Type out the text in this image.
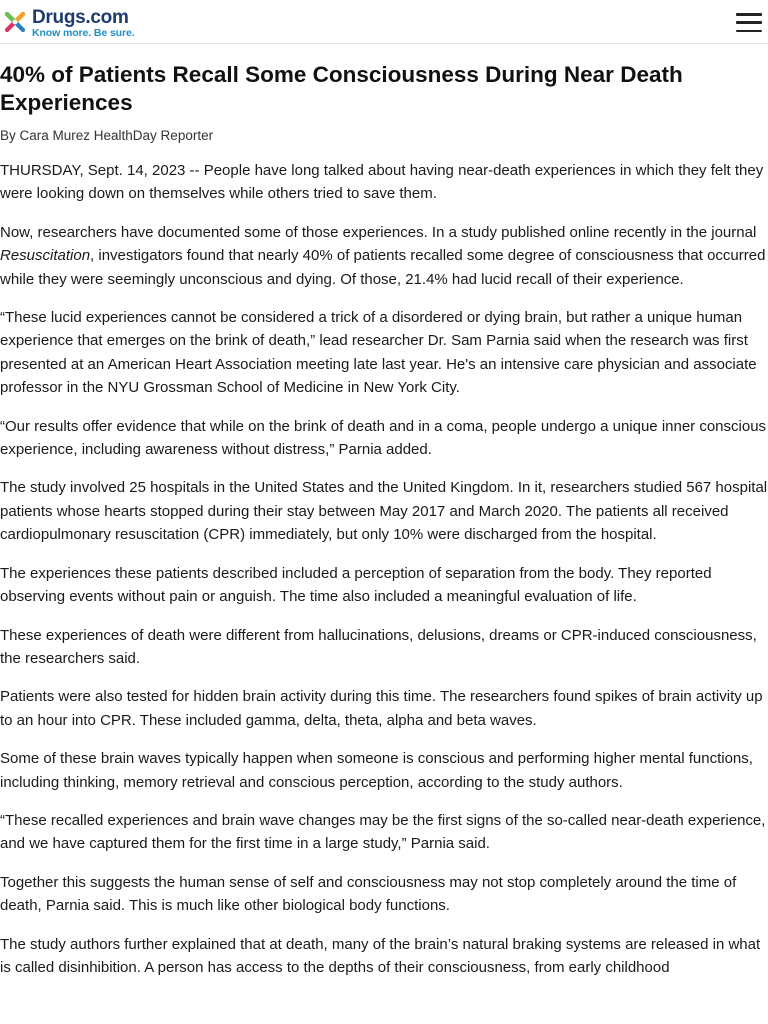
Drugs.com
Know more. Be sure.
40% of Patients Recall Some Consciousness During Near Death Experiences

By Cara Murez HealthDay Reporter

THURSDAY, Sept. 14, 2023 -- People have long talked about having near-death experiences in which they felt they were looking down on themselves while others tried to save them.

Now, researchers have documented some of those experiences. In a study published online recently in the journal Resuscitation, investigators found that nearly 40% of patients recalled some degree of consciousness that occurred while they were seemingly unconscious and dying. Of those, 21.4% had lucid recall of their experience.

“These lucid experiences cannot be considered a trick of a disordered or dying brain, but rather a unique human experience that emerges on the brink of death,” lead researcher Dr. Sam Parnia said when the research was first presented at an American Heart Association meeting late last year. He's an intensive care physician and associate professor in the NYU Grossman School of Medicine in New York City.

“Our results offer evidence that while on the brink of death and in a coma, people undergo a unique inner conscious experience, including awareness without distress,” Parnia added.

The study involved 25 hospitals in the United States and the United Kingdom. In it, researchers studied 567 hospital patients whose hearts stopped during their stay between May 2017 and March 2020. The patients all received cardiopulmonary resuscitation (CPR) immediately, but only 10% were discharged from the hospital.

The experiences these patients described included a perception of separation from the body. They reported observing events without pain or anguish. The time also included a meaningful evaluation of life.

These experiences of death were different from hallucinations, delusions, dreams or CPR-induced consciousness, the researchers said.

Patients were also tested for hidden brain activity during this time. The researchers found spikes of brain activity up to an hour into CPR. These included gamma, delta, theta, alpha and beta waves.

Some of these brain waves typically happen when someone is conscious and performing higher mental functions, including thinking, memory retrieval and conscious perception, according to the study authors.

“These recalled experiences and brain wave changes may be the first signs of the so-called near-death experience, and we have captured them for the first time in a large study,” Parnia said.

Together this suggests the human sense of self and consciousness may not stop completely around the time of death, Parnia said. This is much like other biological body functions.

The study authors further explained that at death, many of the brain’s natural braking systems are released in what is called disinhibition. A person has access to the depths of their consciousness, from early childhood
